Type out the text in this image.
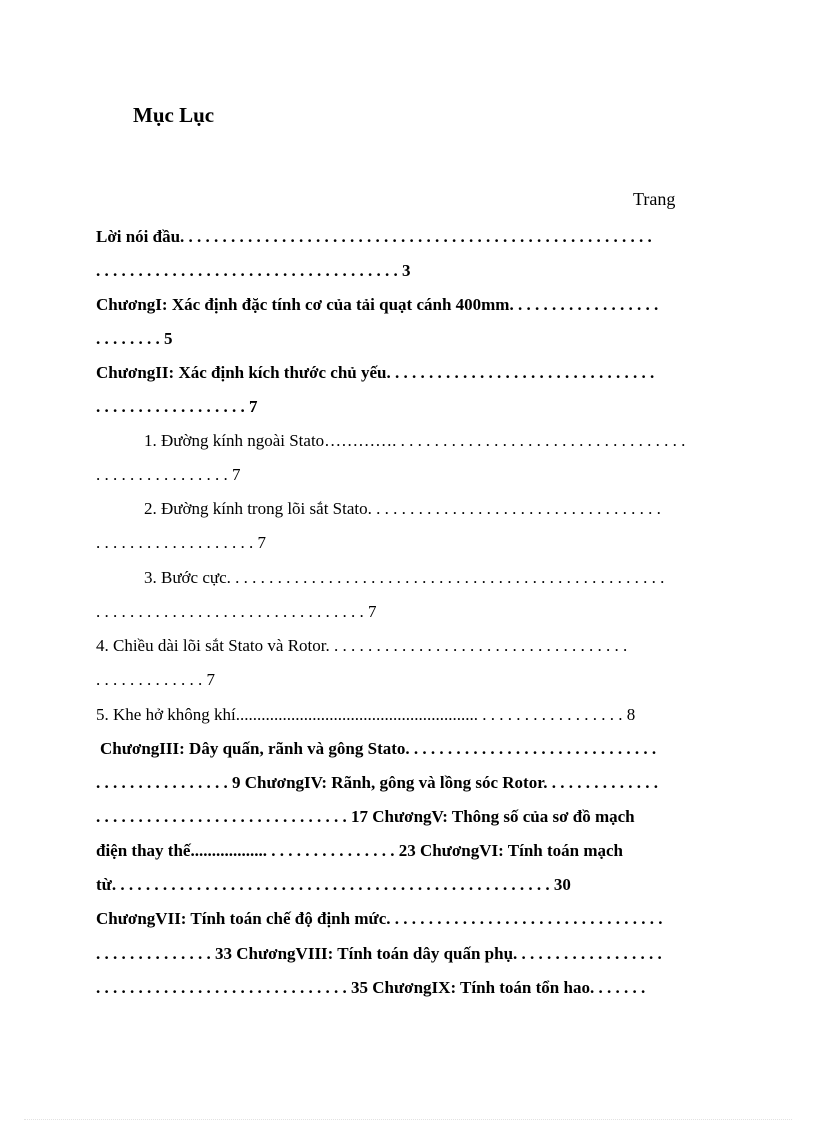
Mục Lục
Trang
Lời nói đầu. . . . . . . . . . . . . . . . . . . . . . . . . . . . . . . . . . . . . . . . . . . . . . . . . . . . . . . .
. . . . . . . . . . . . . . . . . . . . . . . . . . . . . . . . . . . . 3
ChươngI: Xác định đặc tính cơ của tải quạt cánh 400mm. . . . . . . . . . . . . . . . . .
. . . . . . . . 5
ChươngII: Xác định kích thước chủ yếu. . . . . . . . . . . . . . . . . . . . . . . . . . . . . . . .
. . . . . . . . . . . . . . . . . . 7
1. Đường kính ngoài Stato…………. . . . . . . . . . . . . . . . . . . . . . . . . . . . . . . . . . .
. . . . . . . . . . . . . . . . 7
2. Đường kính trong lõi sắt Stato. . . . . . . . . . . . . . . . . . . . . . . . . . . . . . . . . . .
. . . . . . . . . . . . . . . . . . . 7
3. Bước cực. . . . . . . . . . . . . . . . . . . . . . . . . . . . . . . . . . . . . . . . . . . . . . . . . . . .
. . . . . . . . . . . . . . . . . . . . . . . . . . . . . . . . 7
4. Chiều dài lõi sắt Stato và Rotor. . . . . . . . . . . . . . . . . . . . . . . . . . . . . . . . . . . .
. . . . . . . . . . . . . 7
5. Khe hở không khí......................................................... . . . . . . . . . . . . . . . . . 8
ChươngIII: Dây quấn, rãnh và gông Stato. . . . . . . . . . . . . . . . . . . . . . . . . . . . . .
. . . . . . . . . . . . . . . . 9 ChươngIV: Rãnh, gông và lồng sóc Rotor. . . . . . . . . . . . . .
. . . . . . . . . . . . . . . . . . . . . . . . . . . . . . 17 ChươngV: Thông số của sơ đồ mạch
điện thay thế.................. . . . . . . . . . . . . . . . 23 ChươngVI: Tính toán mạch
từ. . . . . . . . . . . . . . . . . . . . . . . . . . . . . . . . . . . . . . . . . . . . . . . . . . . . 30
ChươngVII: Tính toán chế độ định mức. . . . . . . . . . . . . . . . . . . . . . . . . . . . . . . . .
. . . . . . . . . . . . . . 33 ChươngVIII: Tính toán dây quấn phụ. . . . . . . . . . . . . . . . . .
. . . . . . . . . . . . . . . . . . . . . . . . . . . . . . 35 ChươngIX: Tính toán tổn hao. . . . . . .
